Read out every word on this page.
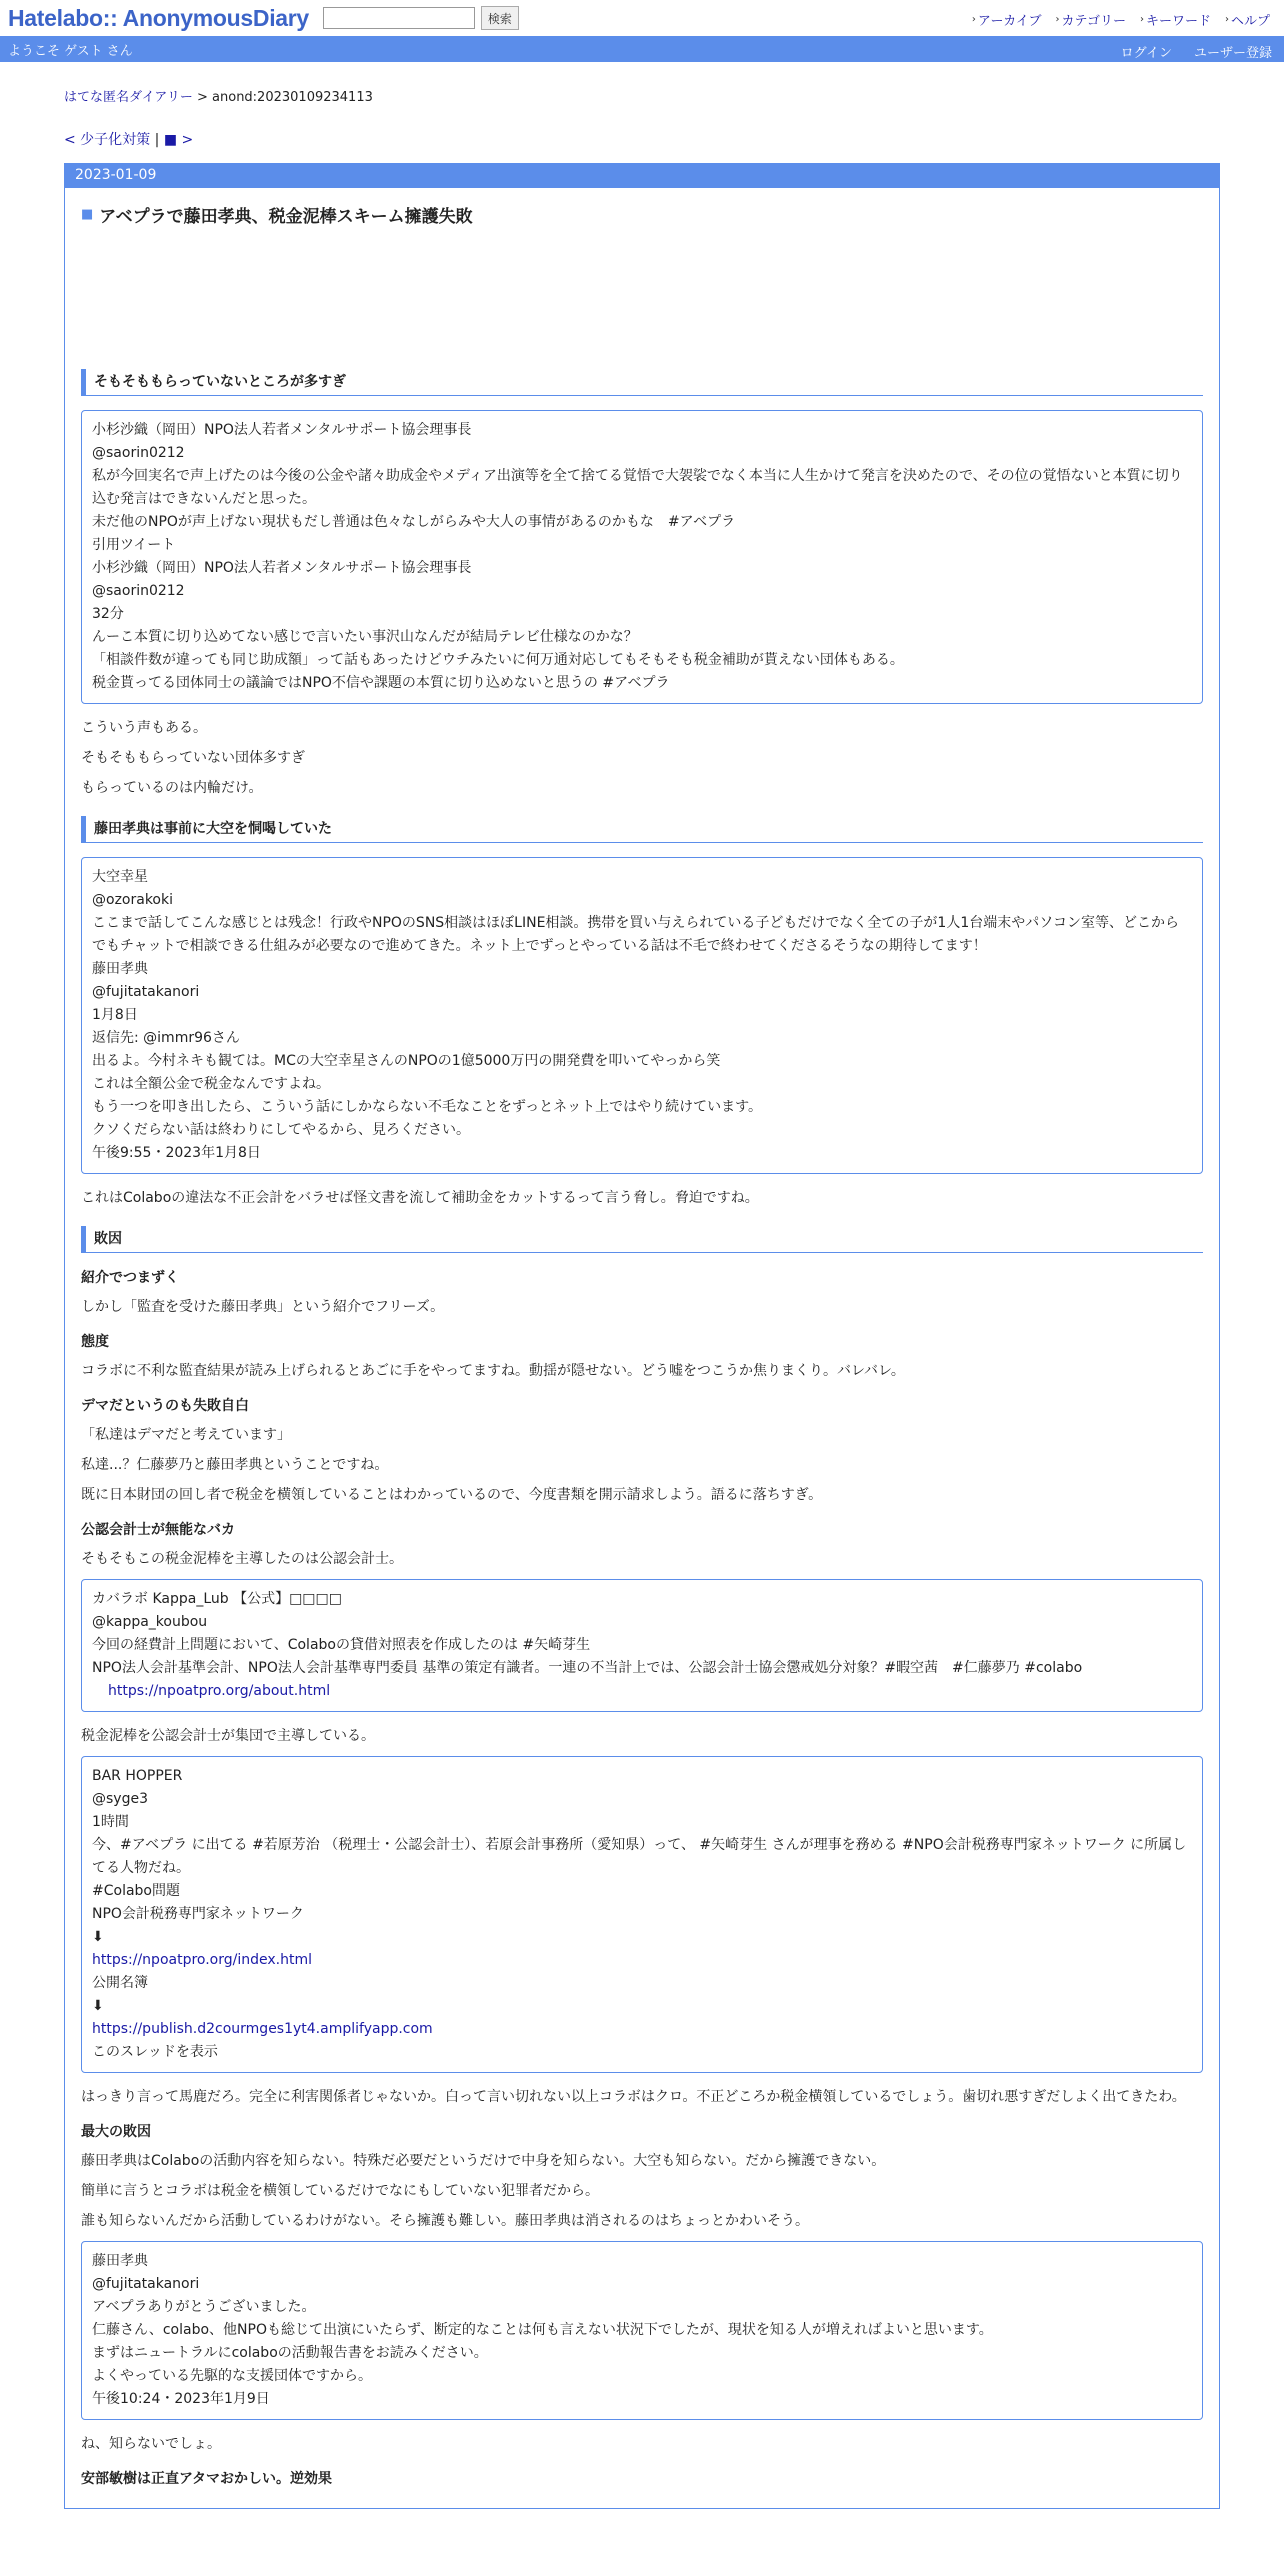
Hatelabo:: AnonymousDiary	検索	› アーカイブ › カテゴリー › キーワード › ヘルプ
ようこそ ゲスト さん	ログイン ユーザー登録
はてな匿名ダイアリー > anond:20230109234113
< 少子化対策 | ■ >
2023-01-09
■ アベプラで藤田孝典、税金泥棒スキーム擁護失敗
そもそももらっていないところが多すぎ
小杉沙織（岡田）NPO法人若者メンタルサポート協会理事長
@saorin0212
私が今回実名で声上げたのは今後の公金や諸々助成金やメディア出演等を全て捨てる覚悟で大袈裟でなく本当に人生かけて発言を決めたので、その位の覚悟ないと本質に切り込む発言はできないんだと思った。
未だ他のNPOが声上げない現状もだし普通は色々なしがらみや大人の事情があるのかもな　#アベプラ
引用ツイート
小杉沙織（岡田）NPO法人若者メンタルサポート協会理事長
@saorin0212
32分
んーこ本質に切り込めてない感じで言いたい事沢山なんだが結局テレビ仕様なのかな？
「相談件数が違っても同じ助成額」って話もあったけどウチみたいに何万通対応してもそもそも税金補助が貰えない団体もある。
税金貰ってる団体同士の議論ではNPO不信や課題の本質に切り込めないと思うの #アベプラ

こういう声もある。

そもそももらっていない団体多すぎ

もらっているのは内輪だけ。

藤田孝典は事前に大空を恫喝していた
大空幸星
@ozorakoki
ここまで話してこんな感じとは残念！行政やNPOのSNS相談はほぼLINE相談。携帯を買い与えられている子どもだけでなく全ての子が1人1台端末やパソコン室等、どこからでもチャットで相談できる仕組みが必要なので進めてきた。ネット上でずっとやっている話は不毛で終わせてくださるそうなの期待してます！
藤田孝典
@fujitatakanori
1月8日
返信先: @immr96さん
出るよ。今村ネキも観ては。MCの大空幸星さんのNPOの1億5000万円の開発費を叩いてやっから笑
これは全額公金で税金なんですよね。
もう一つを叩き出したら、こういう話にしかならない不毛なことをずっとネット上ではやり続けています。
クソくだらない話は終わりにしてやるから、見ろください。
午後9:55・2023年1月8日

これはColaboの違法な不正会計をバラせば怪文書を流して補助金をカットするって言う脅し。脅迫ですね。

敗因
紹介でつまずく

しかし「監査を受けた藤田孝典」という紹介でフリーズ。

態度

コラボに不利な監査結果が読み上げられるとあごに手をやってますね。動揺が隠せない。どう嘘をつこうか焦りまくり。バレバレ。

デマだというのも失敗自白

「私達はデマだと考えています」

私達...？仁藤夢乃と藤田孝典ということですね。

既に日本財団の回し者で税金を横領していることはわかっているので、今度書類を開示請求しよう。語るに落ちすぎ。

公認会計士が無能なバカ

そもそもこの税金泥棒を主導したのは公認会計士。

カバラボ Kappa_Lub 【公式】□□□□
@kappa_koubou
今回の経費計上問題において、Colaboの貸借対照表を作成したのは #矢崎芽生
NPO法人会計基準会計、NPO法人会計基準専門委員 基準の策定有識者。一連の不当計上では、公認会計士協会懲戒処分対象？#暇空茜　#仁藤夢乃 #colabo
https://npoatpro.org/about.html

税金泥棒を公認会計士が集団で主導している。

BAR HOPPER
@syge3
1時間
今、#アベプラ に出てる #若原芳治 （税理士・公認会計士）、若原会計事務所（愛知県）って、 #矢崎芽生 さんが理事を務める #NPO会計税務専門家ネットワーク に所属してる人物だね。
#Colabo問題
NPO会計税務専門家ネットワーク
⬇
https://npoatpro.org/index.html
公開名簿
⬇
https://publish.d2courmges1yt4.amplifyapp.com
このスレッドを表示

はっきり言って馬鹿だろ。完全に利害関係者じゃないか。白って言い切れない以上コラボはクロ。不正どころか税金横領しているでしょう。歯切れ悪すぎだしよく出てきたわ。

最大の敗因

藤田孝典はColaboの活動内容を知らない。特殊だ必要だというだけで中身を知らない。大空も知らない。だから擁護できない。

簡単に言うとコラボは税金を横領しているだけでなにもしていない犯罪者だから。

誰も知らないんだから活動しているわけがない。そら擁護も難しい。藤田孝典は消されるのはちょっとかわいそう。

藤田孝典
@fujitatakanori
アベプラありがとうございました。
仁藤さん、colabo、他NPOも総じて出演にいたらず、断定的なことは何も言えない状況下でしたが、現状を知る人が増えればよいと思います。
まずはニュートラルにcolaboの活動報告書をお読みください。
よくやっている先駆的な支援団体ですから。
午後10:24・2023年1月9日

ね、知らないでしょ。

安部敏樹は正直アタマおかしい。逆効果
